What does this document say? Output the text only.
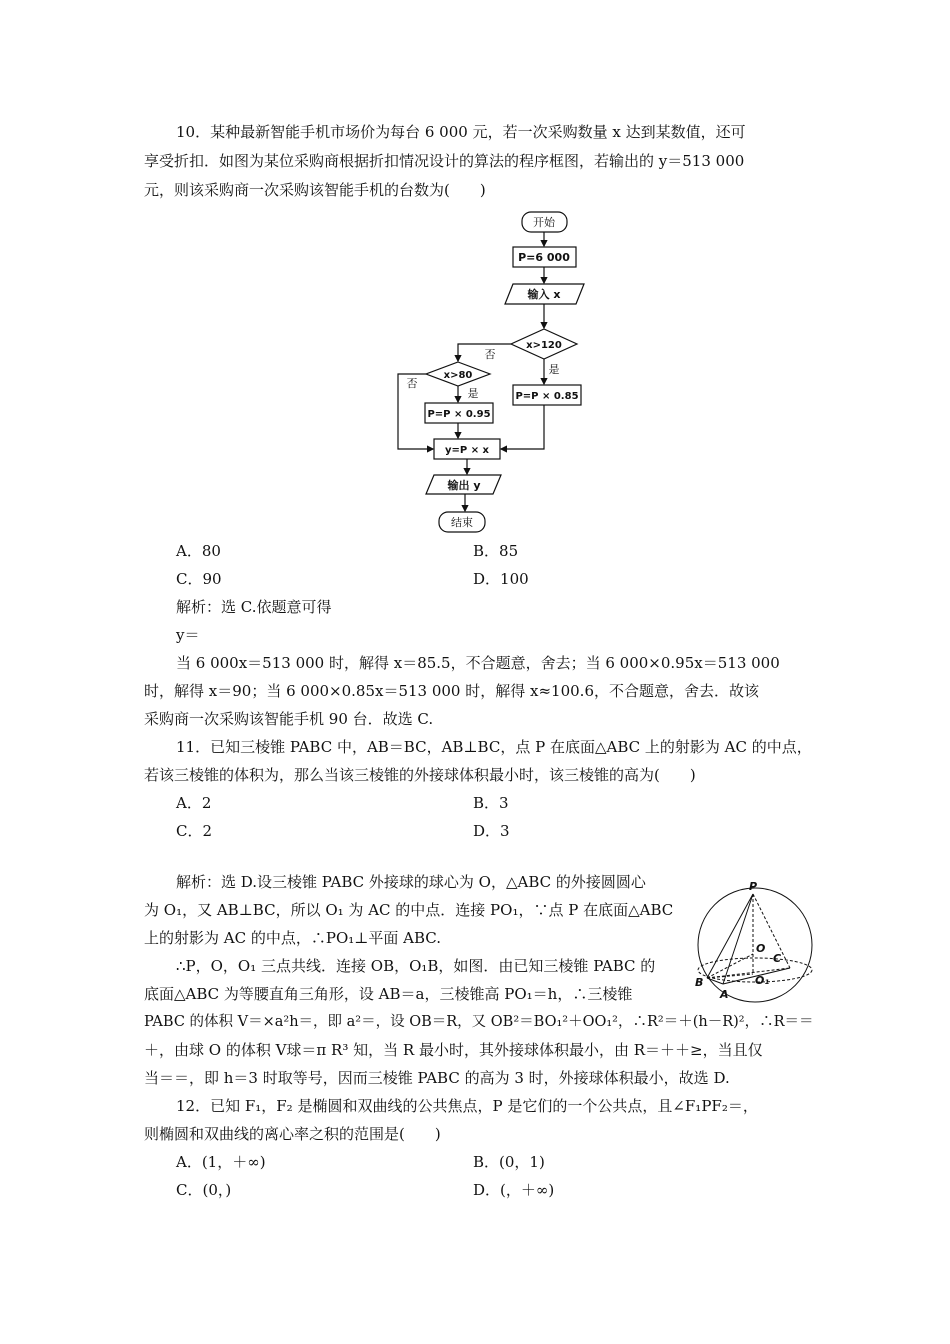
10．某种最新智能手机市场价为每台 6 000 元，若一次采购数量 x 达到某数值，还可
享受折扣．如图为某位采购商根据折扣情况设计的算法的程序框图，若输出的 y＝513 000
元，则该采购商一次采购该智能手机的台数为(　　)
开始
P=6 000
输入 x
x>120
是
否
P=P × 0.85
x>80
是
否
P=P × 0.95
y=P × x
输出 y
结束
A．80	B．85
C．90	D．100
解析：选 C.依题意可得
y＝
当 6 000x＝513 000 时，解得 x＝85.5，不合题意，舍去；当 6 000×0.95x＝513 000
时，解得 x＝90；当 6 000×0.85x＝513 000 时，解得 x≈100.6，不合题意，舍去．故该
采购商一次采购该智能手机 90 台．故选 C.
11．已知三棱锥 PABC 中，AB＝BC，AB⊥BC，点 P 在底面△ABC 上的射影为 AC 的中点，
若该三棱锥的体积为，那么当该三棱锥的外接球体积最小时，该三棱锥的高为(　　)
A．2	B．3
C．2	D．3
解析：选 D.设三棱锥 PABC 外接球的球心为 O，△ABC 的外接圆圆心
为 O₁，又 AB⊥BC，所以 O₁ 为 AC 的中点．连接 PO₁，∵点 P 在底面△ABC
上的射影为 AC 的中点，∴PO₁⊥平面 ABC.
∴P，O，O₁ 三点共线．连接 OB，O₁B，如图．由已知三棱锥 PABC 的
底面△ABC 为等腰直角三角形，设 AB＝a，三棱锥高 PO₁＝h，∴三棱锥
PABC 的体积 V＝×a²h＝，即 a²＝，设 OB＝R，又 OB²＝BO₁²＋OO₁²，∴R²＝＋(h－R)²，∴R＝＝
＋，由球 O 的体积 V球＝π R³ 知，当 R 最小时，其外接球体积最小，由 R＝＋＋≥，当且仅
当＝＝，即 h＝3 时取等号，因而三棱锥 PABC 的高为 3 时，外接球体积最小，故选 D.
P
O
C
B
A
O₁
12．已知 F₁，F₂ 是椭圆和双曲线的公共焦点，P 是它们的一个公共点，且∠F₁PF₂＝，
则椭圆和双曲线的离心率之积的范围是(　　)
A．(1，＋∞)	B．(0，1)
C．(0，)	D．(，＋∞)
